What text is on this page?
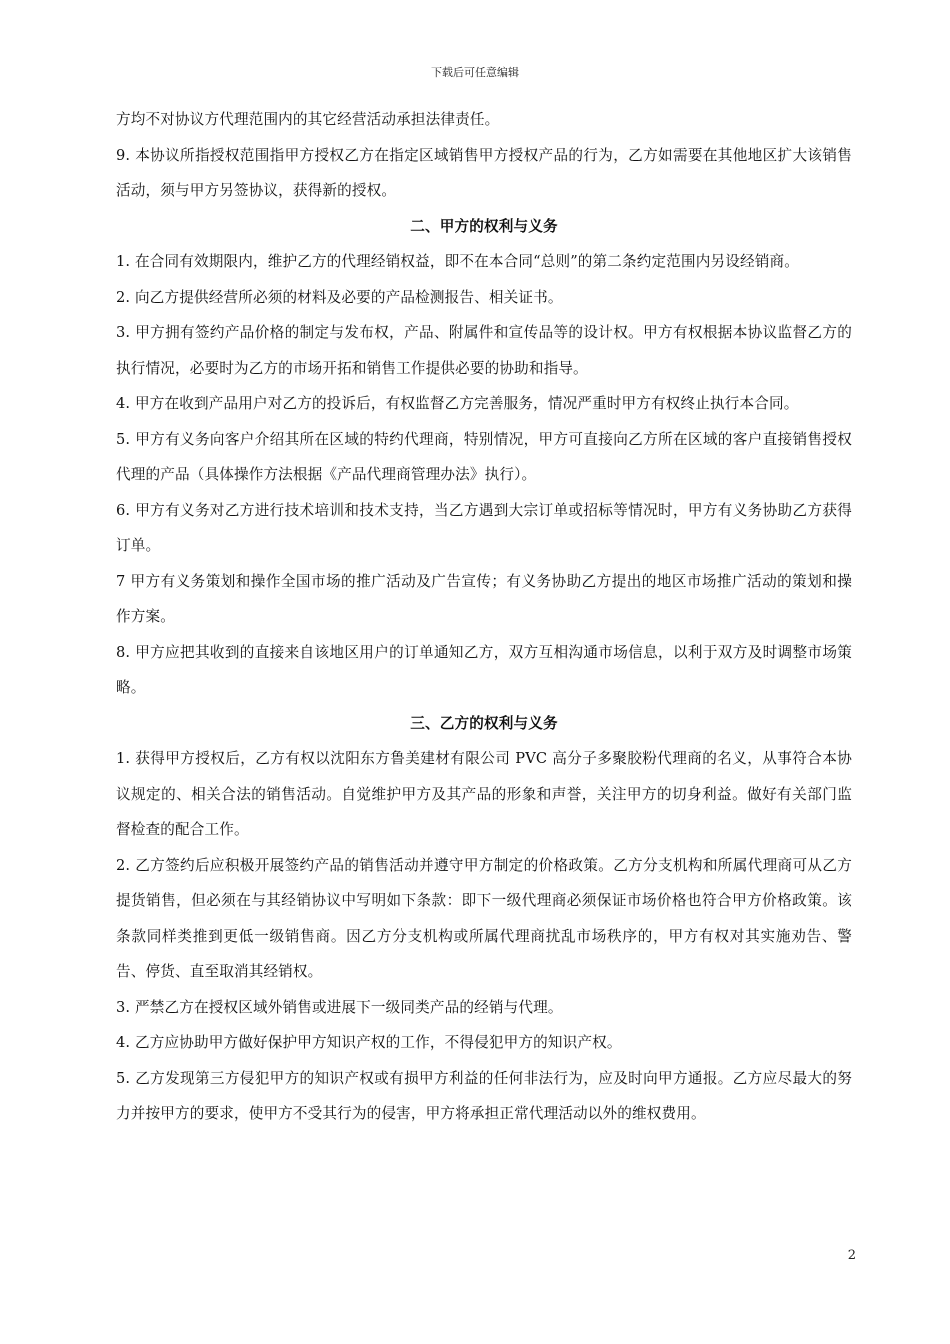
下载后可任意编辑

方均不对协议方代理范围内的其它经营活动承担法律责任。

9. 本协议所指授权范围指甲方授权乙方在指定区域销售甲方授权产品的行为，乙方如需要在其他地区扩大该销售活动，须与甲方另签协议，获得新的授权。

二、甲方的权利与义务

1. 在合同有效期限内，维护乙方的代理经销权益，即不在本合同“总则”的第二条约定范围内另设经销商。

2. 向乙方提供经营所必须的材料及必要的产品检测报告、相关证书。

3. 甲方拥有签约产品价格的制定与发布权，产品、附属件和宣传品等的设计权。甲方有权根据本协议监督乙方的执行情况，必要时为乙方的市场开拓和销售工作提供必要的协助和指导。

4. 甲方在收到产品用户对乙方的投诉后，有权监督乙方完善服务，情况严重时甲方有权终止执行本合同。

5. 甲方有义务向客户介绍其所在区域的特约代理商，特别情况，甲方可直接向乙方所在区域的客户直接销售授权代理的产品（具体操作方法根据《产品代理商管理办法》执行）。

6. 甲方有义务对乙方进行技术培训和技术支持，当乙方遇到大宗订单或招标等情况时，甲方有义务协助乙方获得订单。

7 甲方有义务策划和操作全国市场的推广活动及广告宣传；有义务协助乙方提出的地区市场推广活动的策划和操作方案。

8. 甲方应把其收到的直接来自该地区用户的订单通知乙方，双方互相沟通市场信息，以利于双方及时调整市场策略。

三、乙方的权利与义务

1. 获得甲方授权后，乙方有权以沈阳东方鲁美建材有限公司 PVC 高分子多聚胶粉代理商的名义，从事符合本协议规定的、相关合法的销售活动。自觉维护甲方及其产品的形象和声誉，关注甲方的切身利益。做好有关部门监督检查的配合工作。

2. 乙方签约后应积极开展签约产品的销售活动并遵守甲方制定的价格政策。乙方分支机构和所属代理商可从乙方提货销售，但必须在与其经销协议中写明如下条款：即下一级代理商必须保证市场价格也符合甲方价格政策。该条款同样类推到更低一级销售商。因乙方分支机构或所属代理商扰乱市场秩序的，甲方有权对其实施劝告、警告、停货、直至取消其经销权。

3. 严禁乙方在授权区域外销售或进展下一级同类产品的经销与代理。

4. 乙方应协助甲方做好保护甲方知识产权的工作，不得侵犯甲方的知识产权。

5. 乙方发现第三方侵犯甲方的知识产权或有损甲方利益的任何非法行为，应及时向甲方通报。乙方应尽最大的努力并按甲方的要求，使甲方不受其行为的侵害，甲方将承担正常代理活动以外的维权费用。

2
